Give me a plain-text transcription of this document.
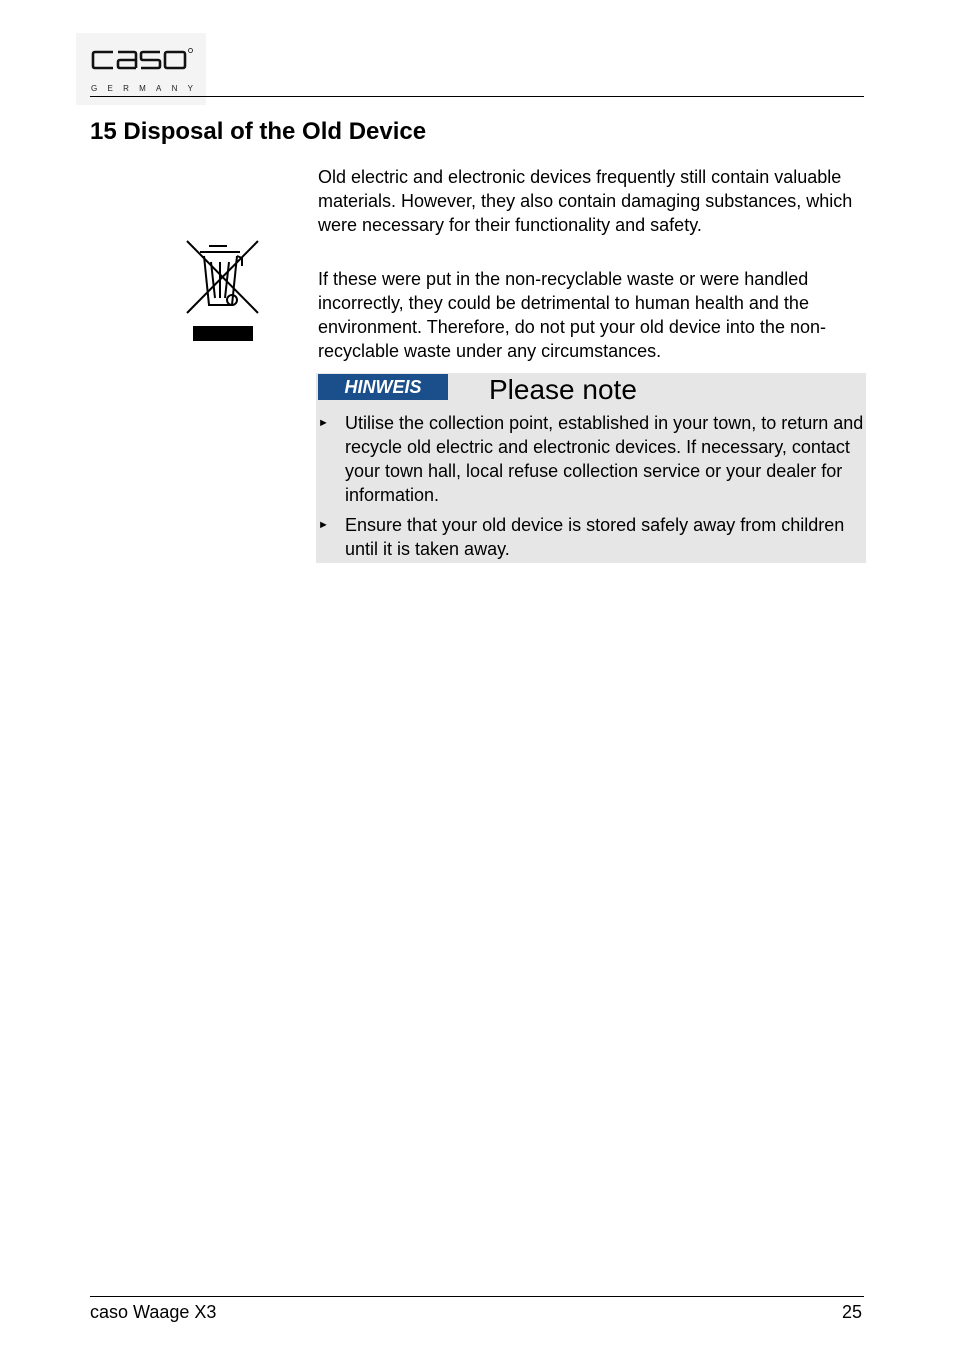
GERMANY
15 Disposal of the Old Device

Old electric and electronic devices frequently still contain valuable materials. However, they also contain damaging substances, which were necessary for their functionality and safety.

If these were put in the non-recyclable waste or were handled incorrectly, they could be detrimental to human health and the environment. Therefore, do not put your old device into the non-recyclable waste under any circumstances.

HINWEIS	Please note
► Utilise the collection point, established in your town, to return and recycle old electric and electronic devices. If necessary, contact your town hall, local refuse collection service or your dealer for information.
► Ensure that your old device is stored safely away from children until it is taken away.
caso Waage X3	25
